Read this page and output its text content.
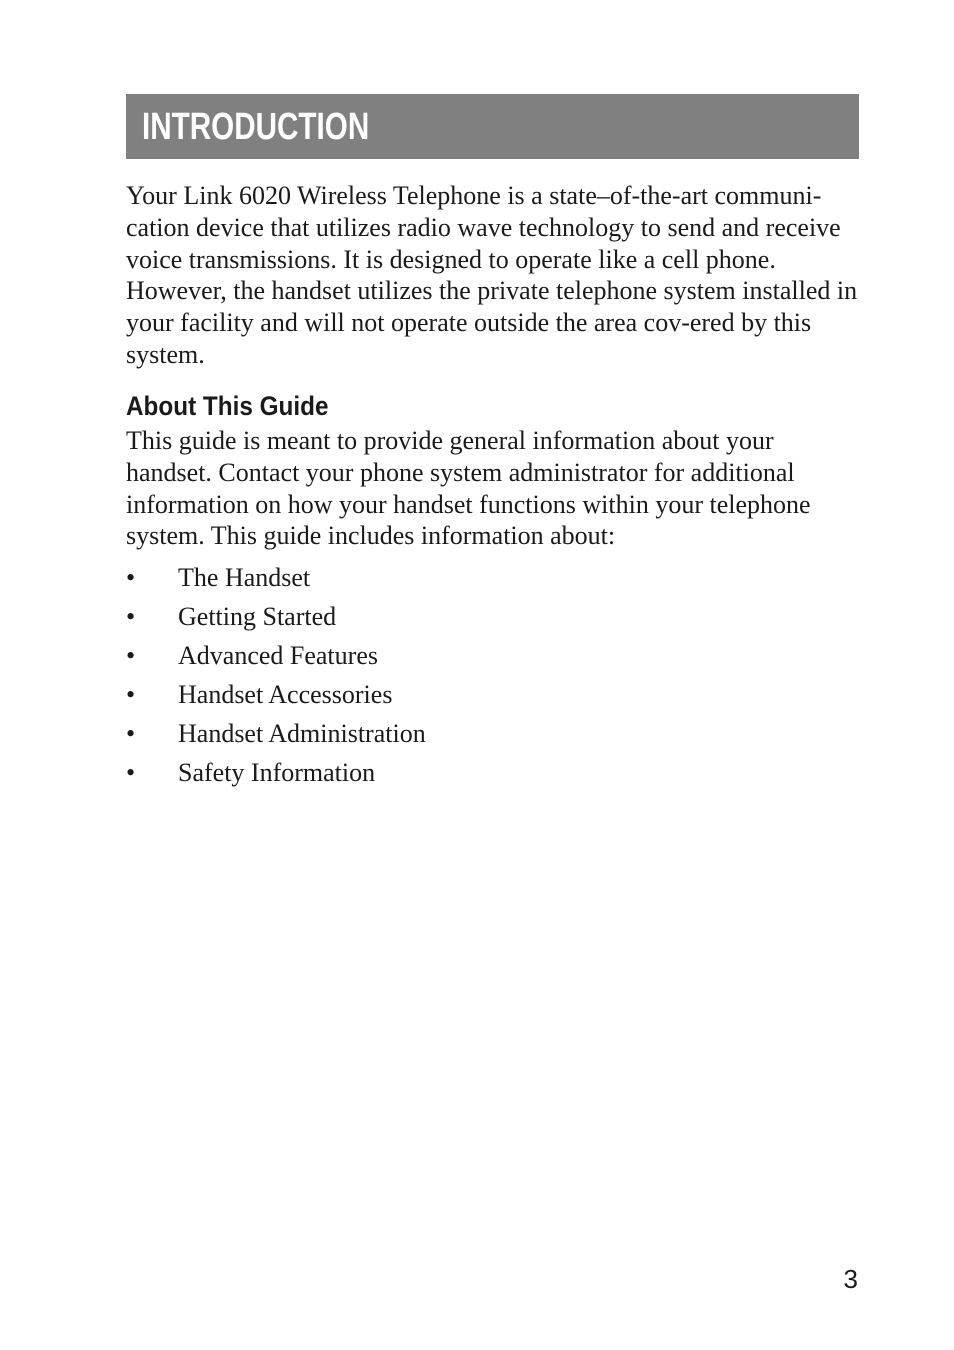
INTRODUCTION

Your Link 6020 Wireless Telephone is a state–of-the-art communi-cation device that utilizes radio wave technology to send and receive voice transmissions. It is designed to operate like a cell phone. However, the handset utilizes the private telephone system installed in your facility and will not operate outside the area cov-ered by this system.

About This Guide

This guide is meant to provide general information about your handset. Contact your phone system administrator for additional information on how your handset functions within your telephone system. This guide includes information about:

• The Handset
• Getting Started
• Advanced Features
• Handset Accessories
• Handset Administration
• Safety Information
3
